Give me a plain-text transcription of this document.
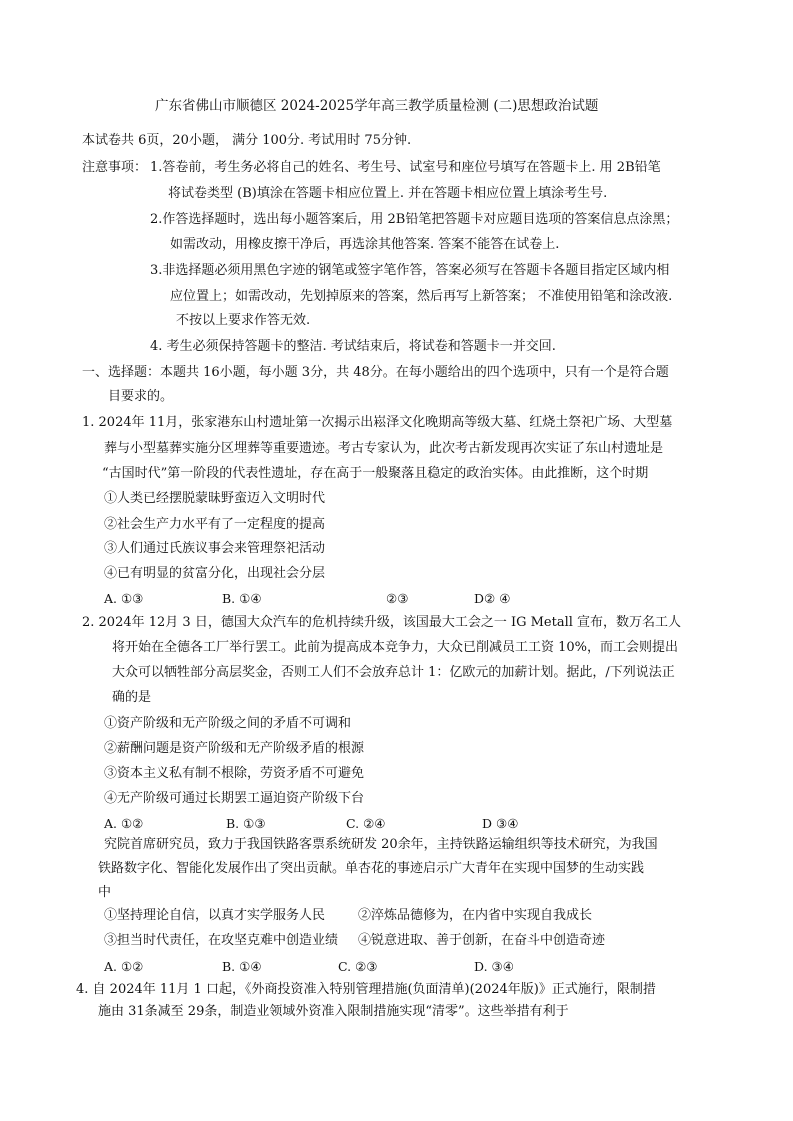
广东省佛山市顺德区 2024-2025学年高三教学质量检测 (二)思想政治试题
本试卷共 6页，20小题， 满分 100分. 考试用时 75分钟.
注意事项： 1.答卷前，考生务必将自己的姓名、考生号、试室号和座位号填写在答题卡上. 用 2B铅笔
将试卷类型 (B)填涂在答题卡相应位置上. 并在答题卡相应位置上填涂考生号.
2.作答选择题时，选出每小题答案后，用 2B铅笔把答题卡对应题目选项的答案信息点涂黑；
如需改动，用橡皮擦干净后，再选涂其他答案. 答案不能答在试卷上.
3.非选择题必须用黑色字迹的钢笔或签字笔作答，答案必须写在答题卡各题目指定区域内相
应位置上；如需改动，先划掉原来的答案，然后再写上新答案； 不准使用铅笔和涂改液.
不按以上要求作答无效.
4. 考生必须保持答题卡的整洁. 考试结束后，将试卷和答题卡一并交回.
一、选择题：本题共 16小题，每小题 3分，共 48分。在每小题给出的四个选项中，只有一个是符合题
目要求的。
1. 2024年 11月，张家港东山村遗址第一次揭示出崧泽文化晚期高等级大墓、红烧土祭祀广场、大型墓
葬与小型墓葬实施分区埋葬等重要遗迹。考古专家认为，此次考古新发现再次实证了东山村遗址是
“古国时代”第一阶段的代表性遗址，存在高于一般聚落且稳定的政治实体。由此推断，这个时期
①人类已经摆脱蒙昧野蛮迈入文明时代
②社会生产力水平有了一定程度的提高
③人们通过氏族议事会来管理祭祀活动
④已有明显的贫富分化，出现社会分层
A. ①③	B. ①④	②③	D② ④
2. 2024年 12月 3 日，德国大众汽车的危机持续升级，该国最大工会之一 IG Metall 宣布，数万名工人
将开始在全德各工厂举行罢工。此前为提高成本竞争力，大众已削减员工工资 10%，而工会则提出
大众可以牺牲部分高层奖金，否则工人们不会放弃总计 1：亿欧元的加薪计划。据此，/下列说法正
确的是
①资产阶级和无产阶级之间的矛盾不可调和
②薪酬问题是资产阶级和无产阶级矛盾的根源
③资本主义私有制不根除，劳资矛盾不可避免
④无产阶级可通过长期罢工逼迫资产阶级下台
A. ①②	B. ①③	C. ②④	D ③④
究院首席研究员，致力于我国铁路客票系统研发 20余年，主持铁路运输组织等技术研究，为我国
铁路数字化、智能化发展作出了突出贡献。单杏花的事迹启示广大青年在实现中国梦的生动实践
中
①坚持理论自信，以真才实学服务人民	②淬炼品德修为，在内省中实现自我成长
③担当时代责任，在攻坚克难中创造业绩 ④锐意进取、善于创新，在奋斗中创造奇迹
A. ①②	B. ①④	C. ②③	D. ③④
4. 自 2024年 11月 1 口起，《外商投资准入特别管理措施(负面清单)(2024年版)》正式施行，限制措
施由 31条减至 29条，制造业领域外资准入限制措施实现“清零”。这些举措有利于
